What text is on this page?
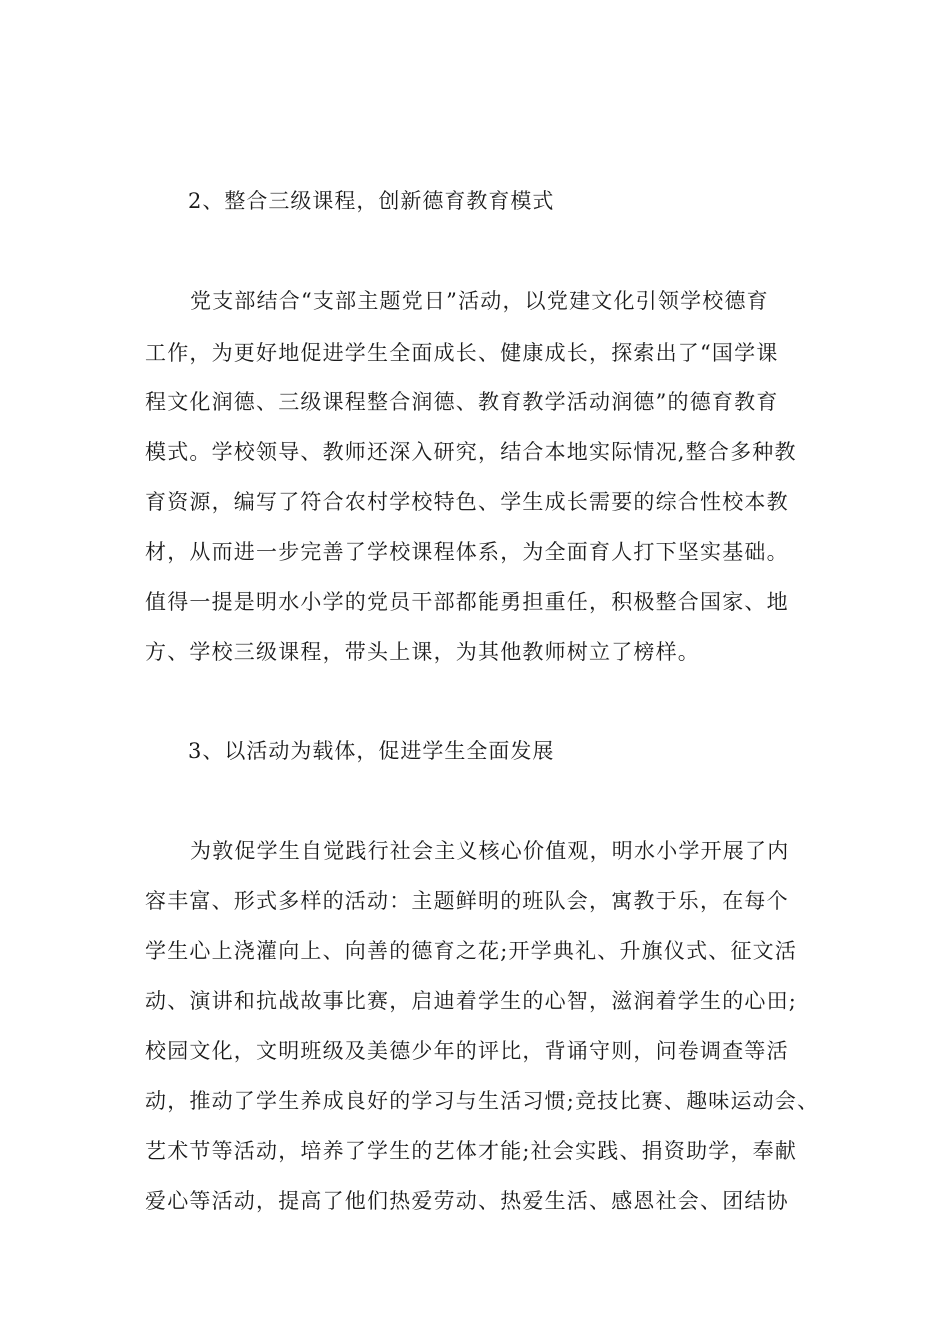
2、整合三级课程，创新德育教育模式
党支部结合“支部主题党日”活动，以党建文化引领学校德育
工作，为更好地促进学生全面成长、健康成长，探索出了“国学课
程文化润德、三级课程整合润德、教育教学活动润德”的德育教育
模式。学校领导、教师还深入研究，结合本地实际情况,整合多种教
育资源，编写了符合农村学校特色、学生成长需要的综合性校本教
材，从而进一步完善了学校课程体系，为全面育人打下坚实基础。
值得一提是明水小学的党员干部都能勇担重任，积极整合国家、地
方、学校三级课程，带头上课，为其他教师树立了榜样。
3、以活动为载体，促进学生全面发展
为敦促学生自觉践行社会主义核心价值观，明水小学开展了内
容丰富、形式多样的活动：主题鲜明的班队会，寓教于乐，在每个
学生心上浇灌向上、向善的德育之花;开学典礼、升旗仪式、征文活
动、演讲和抗战故事比赛，启迪着学生的心智，滋润着学生的心田;
校园文化，文明班级及美德少年的评比，背诵守则，问卷调查等活
动，推动了学生养成良好的学习与生活习惯;竞技比赛、趣味运动会、
艺术节等活动，培养了学生的艺体才能;社会实践、捐资助学，奉献
爱心等活动，提高了他们热爱劳动、热爱生活、感恩社会、团结协
